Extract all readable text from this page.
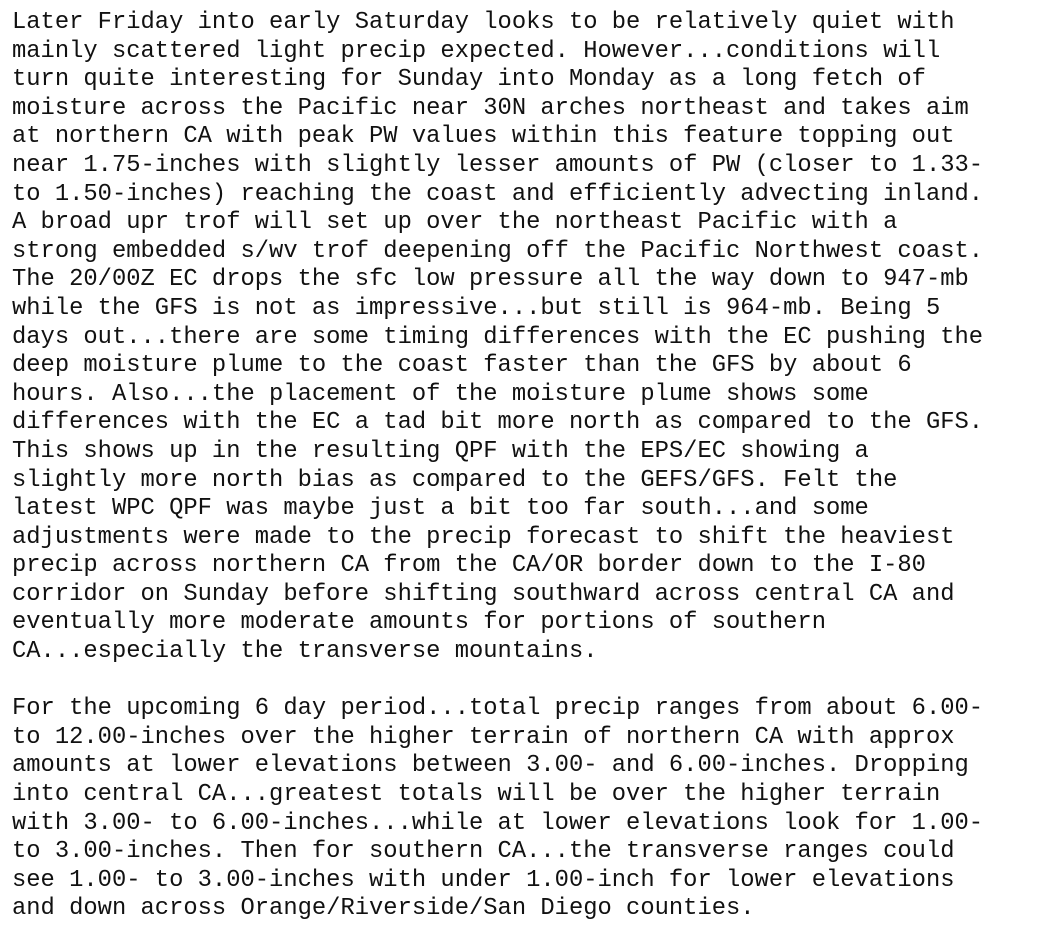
Later Friday into early Saturday looks to be relatively quiet with
mainly scattered light precip expected. However...conditions will
turn quite interesting for Sunday into Monday as a long fetch of
moisture across the Pacific near 30N arches northeast and takes aim
at northern CA with peak PW values within this feature topping out
near 1.75-inches with slightly lesser amounts of PW (closer to 1.33-
to 1.50-inches) reaching the coast and efficiently advecting inland.
A broad upr trof will set up over the northeast Pacific with a
strong embedded s/wv trof deepening off the Pacific Northwest coast.
The 20/00Z EC drops the sfc low pressure all the way down to 947-mb
while the GFS is not as impressive...but still is 964-mb. Being 5
days out...there are some timing differences with the EC pushing the
deep moisture plume to the coast faster than the GFS by about 6
hours. Also...the placement of the moisture plume shows some
differences with the EC a tad bit more north as compared to the GFS.
This shows up in the resulting QPF with the EPS/EC showing a
slightly more north bias as compared to the GEFS/GFS. Felt the
latest WPC QPF was maybe just a bit too far south...and some
adjustments were made to the precip forecast to shift the heaviest
precip across northern CA from the CA/OR border down to the I-80
corridor on Sunday before shifting southward across central CA and
eventually more moderate amounts for portions of southern
CA...especially the transverse mountains.
For the upcoming 6 day period...total precip ranges from about 6.00-
to 12.00-inches over the higher terrain of northern CA with approx
amounts at lower elevations between 3.00- and 6.00-inches. Dropping
into central CA...greatest totals will be over the higher terrain
with 3.00- to 6.00-inches...while at lower elevations look for 1.00-
to 3.00-inches. Then for southern CA...the transverse ranges could
see 1.00- to 3.00-inches with under 1.00-inch for lower elevations
and down across Orange/Riverside/San Diego counties.
